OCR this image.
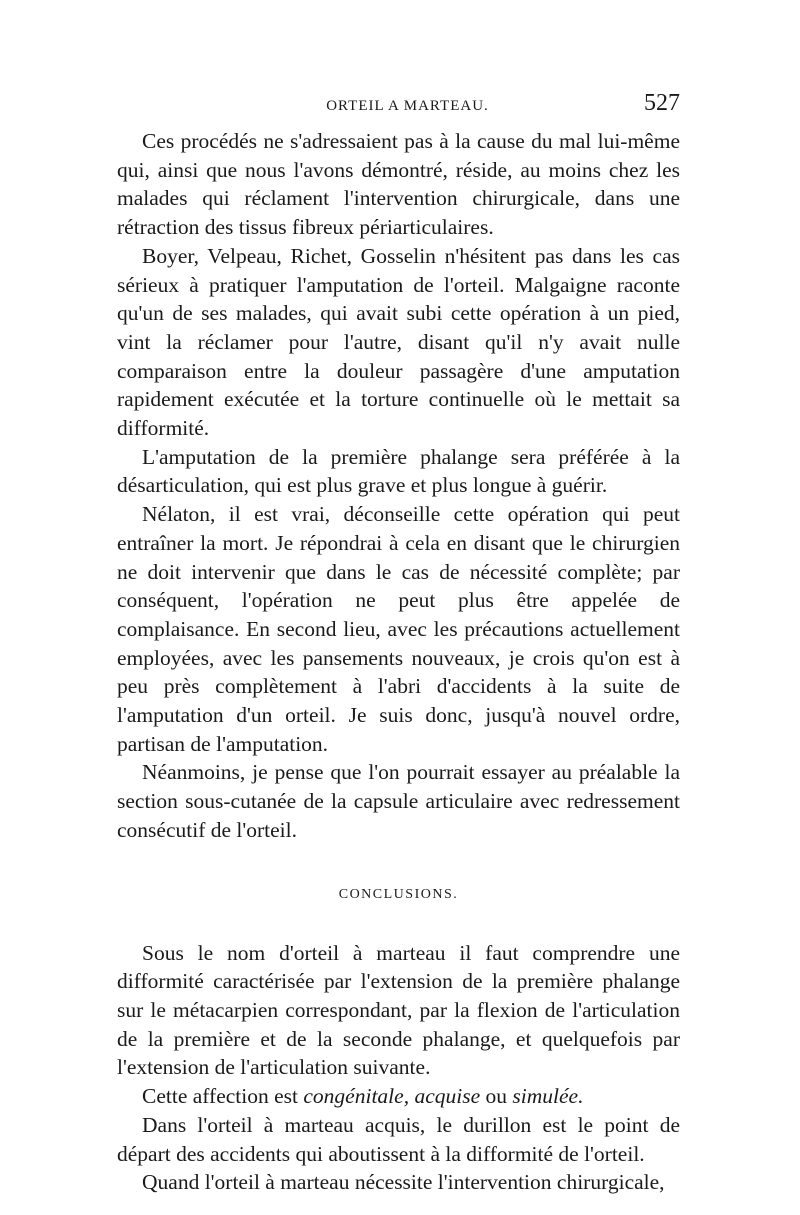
ORTEIL A MARTEAU.	527

Ces procédés ne s'adressaient pas à la cause du mal lui-même qui, ainsi que nous l'avons démontré, réside, au moins chez les malades qui réclament l'intervention chirurgicale, dans une rétraction des tissus fibreux périarticulaires.

Boyer, Velpeau, Richet, Gosselin n'hésitent pas dans les cas sérieux à pratiquer l'amputation de l'orteil. Malgaigne raconte qu'un de ses malades, qui avait subi cette opération à un pied, vint la réclamer pour l'autre, disant qu'il n'y avait nulle comparaison entre la douleur passagère d'une amputation rapidement exécutée et la torture continuelle où le mettait sa difformité.

L'amputation de la première phalange sera préférée à la désarticulation, qui est plus grave et plus longue à guérir.

Nélaton, il est vrai, déconseille cette opération qui peut entraîner la mort. Je répondrai à cela en disant que le chirurgien ne doit intervenir que dans le cas de nécessité complète; par conséquent, l'opération ne peut plus être appelée de complaisance. En second lieu, avec les précautions actuellement employées, avec les pansements nouveaux, je crois qu'on est à peu près complètement à l'abri d'accidents à la suite de l'amputation d'un orteil. Je suis donc, jusqu'à nouvel ordre, partisan de l'amputation.

Néanmoins, je pense que l'on pourrait essayer au préalable la section sous-cutanée de la capsule articulaire avec redressement consécutif de l'orteil.

CONCLUSIONS.

Sous le nom d'orteil à marteau il faut comprendre une difformité caractérisée par l'extension de la première phalange sur le métacarpien correspondant, par la flexion de l'articulation de la première et de la seconde phalange, et quelquefois par l'extension de l'articulation suivante.

Cette affection est congénitale, acquise ou simulée.

Dans l'orteil à marteau acquis, le durillon est le point de départ des accidents qui aboutissent à la difformité de l'orteil.

Quand l'orteil à marteau nécessite l'intervention chirurgicale,
